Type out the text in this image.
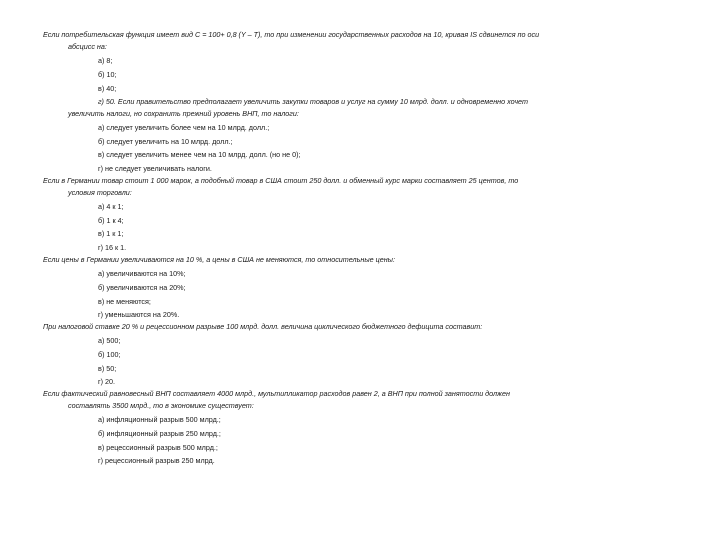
Если потребительская функция имеет вид С = 100+ 0,8 (Y – T), то при изменении государственных расходов на 10, кривая IS сдвинется по оси
абсцисс на:
а) 8;
б) 10;
в) 40;
г) 50. Если правительство предполагает увеличить закупки товаров и услуг на сумму 10 млрд. долл. и одновременно хочет
увеличить налоги, но сохранить прежний уровень ВНП, то налоги:
а) следует увеличить более чем на 10 млрд. долл.;
б) следует увеличить на 10 млрд. долл.;
в) следует увеличить менее чем на 10 млрд. долл. (но не 0);
г) не следует увеличивать налоги.
Если в Германии товар стоит 1 000 марок, а подобный товар в США стоит 250 долл. и обменный курс марки составляет 25 центов, то
условия торговли:
а) 4 к 1;
б) 1 к 4;
в) 1 к 1;
г) 16 к 1.
Если цены в Германии увеличиваются на 10 %, а цены в США не меняются, то относительные цены:
а) увеличиваются на 10%;
б) увеличиваются на 20%;
в) не меняются;
г) уменьшаются на 20%.
При налоговой ставке 20 % и рецессионном разрыве 100 млрд. долл. величина циклического бюджетного дефицита составит:
а) 500;
б) 100;
в) 50;
г) 20.
Если фактический равновесный ВНП составляет 4000 млрд., мультипликатор расходов равен 2, а ВНП при полной занятости должен
составлять 3500 млрд., то в экономике существует:
а) инфляционный разрыв 500 млрд.;
б) инфляционный разрыв 250 млрд.;
в) рецессионный разрыв 500 млрд.;
г) рецессионный разрыв 250 млрд.
